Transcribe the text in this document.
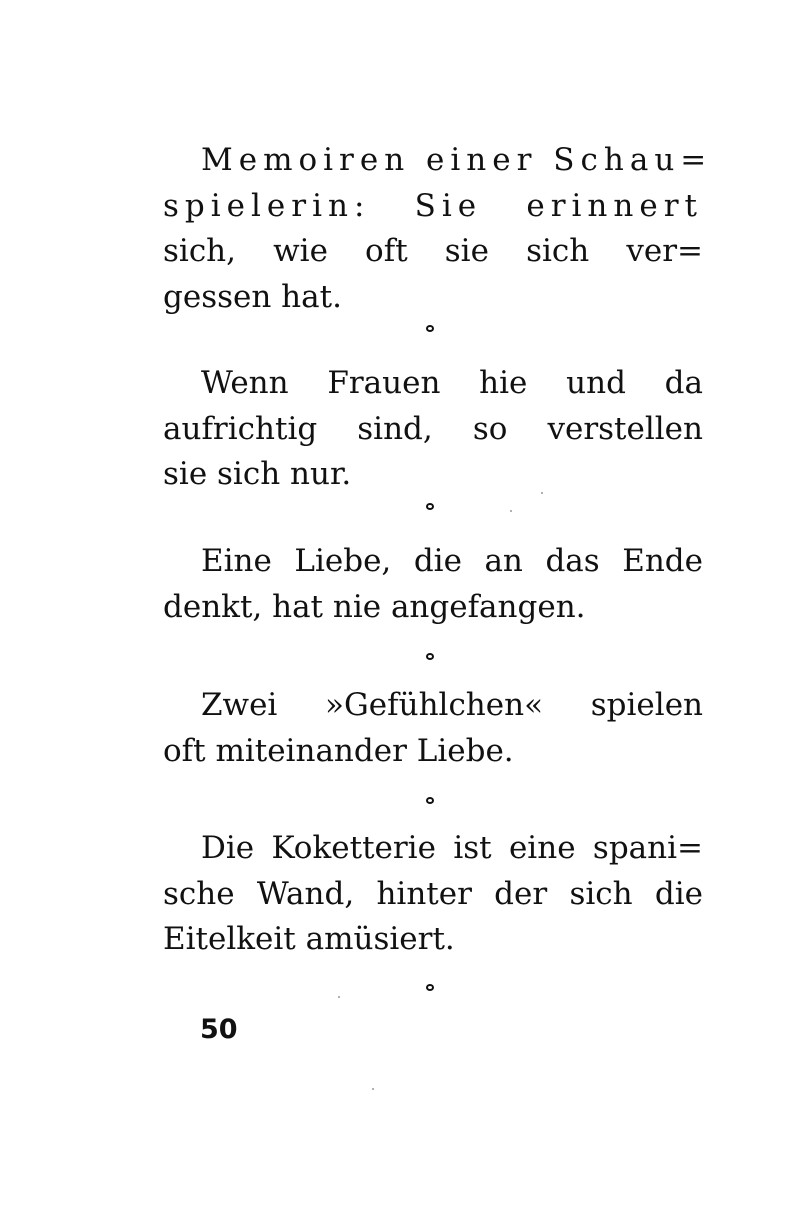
Memoiren einer Schau=
spielerin: Sie erinnert
sich, wie oft sie sich ver=
gessen hat.
Wenn Frauen hie und da
aufrichtig sind, so verstellen
sie sich nur.
Eine Liebe, die an das Ende
denkt, hat nie angefangen.
Zwei »Gefühlchen« spielen
oft miteinander Liebe.
Die Koketterie ist eine spani=
sche Wand, hinter der sich die
Eitelkeit amüsiert.
50
